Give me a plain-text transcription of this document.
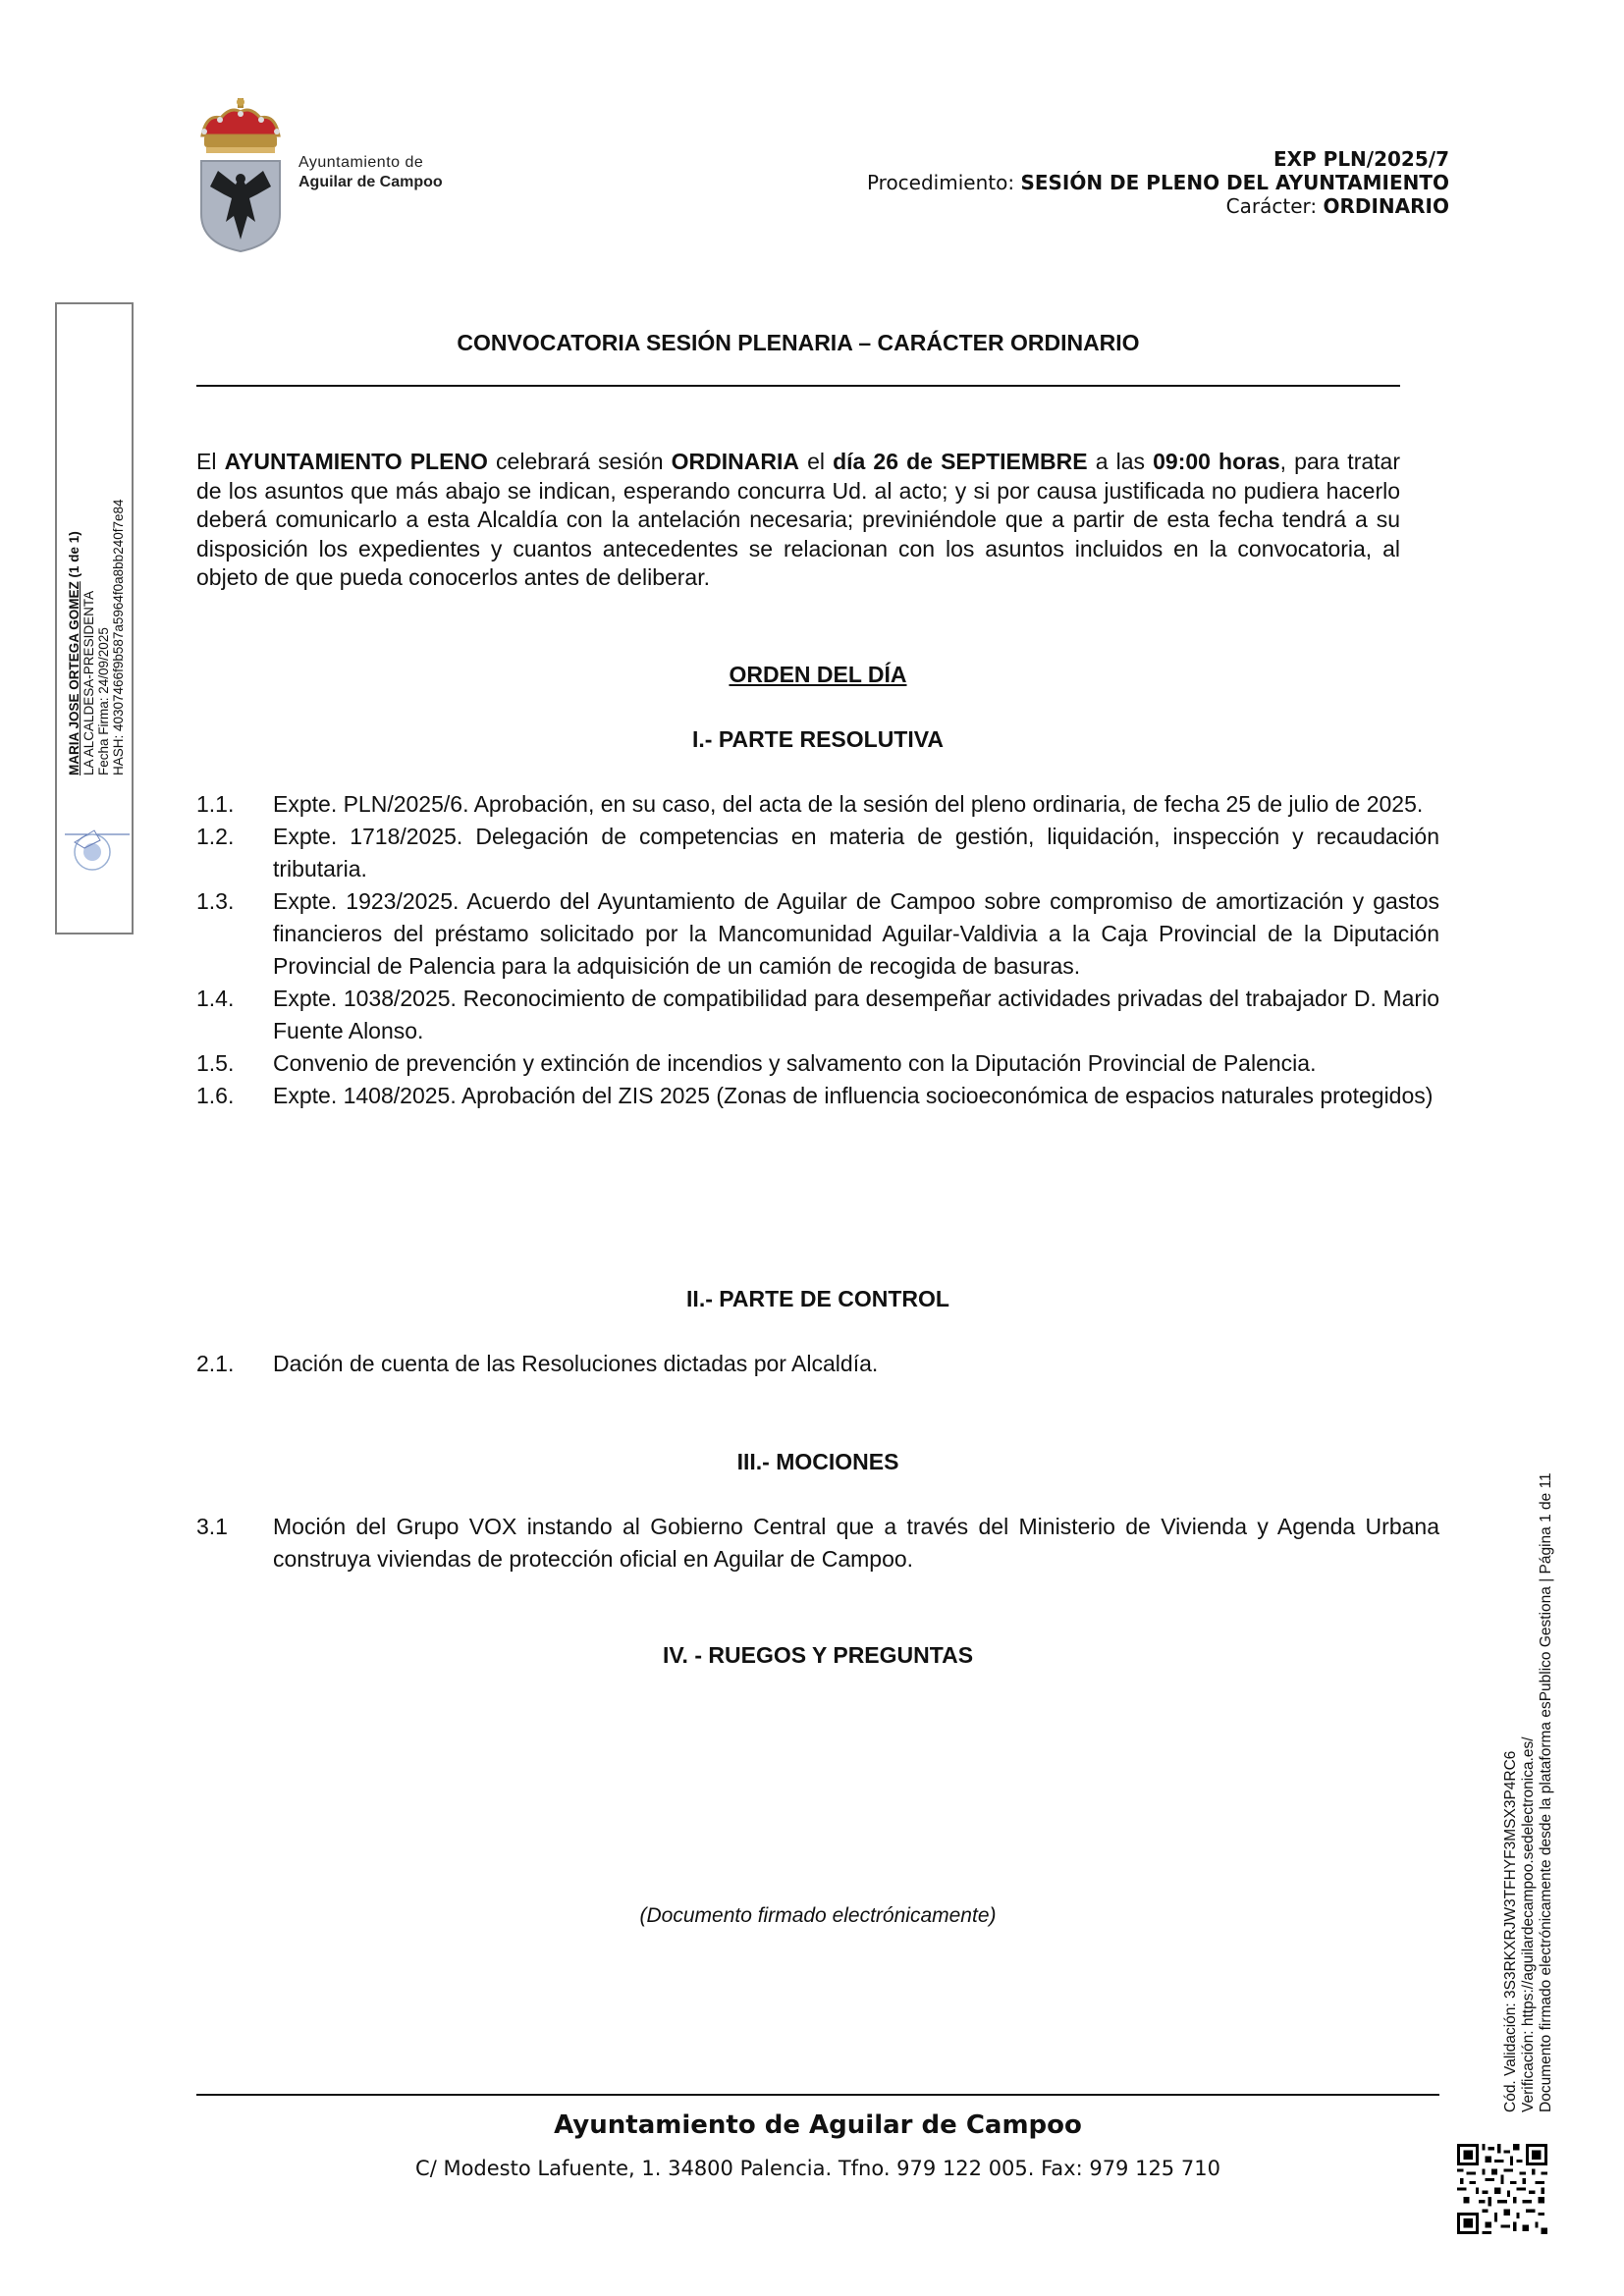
Ayuntamiento de
Aguilar de Campoo
EXP PLN/2025/7
Procedimiento: SESIÓN DE PLENO DEL AYUNTAMIENTO
Carácter: ORDINARIO
MARIA JOSE ORTEGA GOMEZ (1 de 1)
LA ALCALDESA-PRESIDENTA Fecha Firma: 24/09/2025 HASH: 40307466f9b587a5964f0a8bb240f7e84
CONVOCATORIA SESIÓN PLENARIA – CARÁCTER ORDINARIO
El AYUNTAMIENTO PLENO celebrará sesión ORDINARIA el día 26 de SEPTIEMBRE a las 09:00 horas, para tratar de los asuntos que más abajo se indican, esperando concurra Ud. al acto; y si por causa justificada no pudiera hacerlo deberá comunicarlo a esta Alcaldía con la antelación necesaria; previniéndole que a partir de esta fecha tendrá a su disposición los expedientes y cuantos antecedentes se relacionan con los asuntos incluidos en la convocatoria, al objeto de que pueda conocerlos antes de deliberar.
ORDEN DEL DÍA
I.- PARTE RESOLUTIVA
1.1.	Expte. PLN/2025/6. Aprobación, en su caso, del acta de la sesión del pleno ordinaria, de fecha 25 de julio de 2025.
1.2.	Expte. 1718/2025. Delegación de competencias en materia de gestión, liquidación, inspección y recaudación tributaria.
1.3.	Expte. 1923/2025. Acuerdo del Ayuntamiento de Aguilar de Campoo sobre compromiso de amortización y gastos financieros del préstamo solicitado por la Mancomunidad Aguilar-Valdivia a la Caja Provincial de la Diputación Provincial de Palencia para la adquisición de un camión de recogida de basuras.
1.4.	Expte. 1038/2025. Reconocimiento de compatibilidad para desempeñar actividades privadas del trabajador D. Mario Fuente Alonso.
1.5.	Convenio de prevención y extinción de incendios y salvamento con la Diputación Provincial de Palencia.
1.6.	Expte. 1408/2025. Aprobación del ZIS 2025 (Zonas de influencia socioeconómica de espacios naturales protegidos)
II.- PARTE DE CONTROL
2.1.	Dación de cuenta de las Resoluciones dictadas por Alcaldía.
III.- MOCIONES
3.1	Moción del Grupo VOX instando al Gobierno Central que a través del Ministerio de Vivienda y Agenda Urbana construya viviendas de protección oficial en Aguilar de Campoo.
IV. - RUEGOS Y PREGUNTAS
(Documento firmado electrónicamente)
Ayuntamiento de Aguilar de Campoo
C/ Modesto Lafuente, 1. 34800 Palencia. Tfno. 979 122 005. Fax: 979 125 710
Cód. Validación: 3S3RKXRJW3TFHYF3MSX3P4RC6 Verificación: https://aguilardecampoo.sedelectronica.es/ Documento firmado electrónicamente desde la plataforma esPublico Gestiona | Página 1 de 11
